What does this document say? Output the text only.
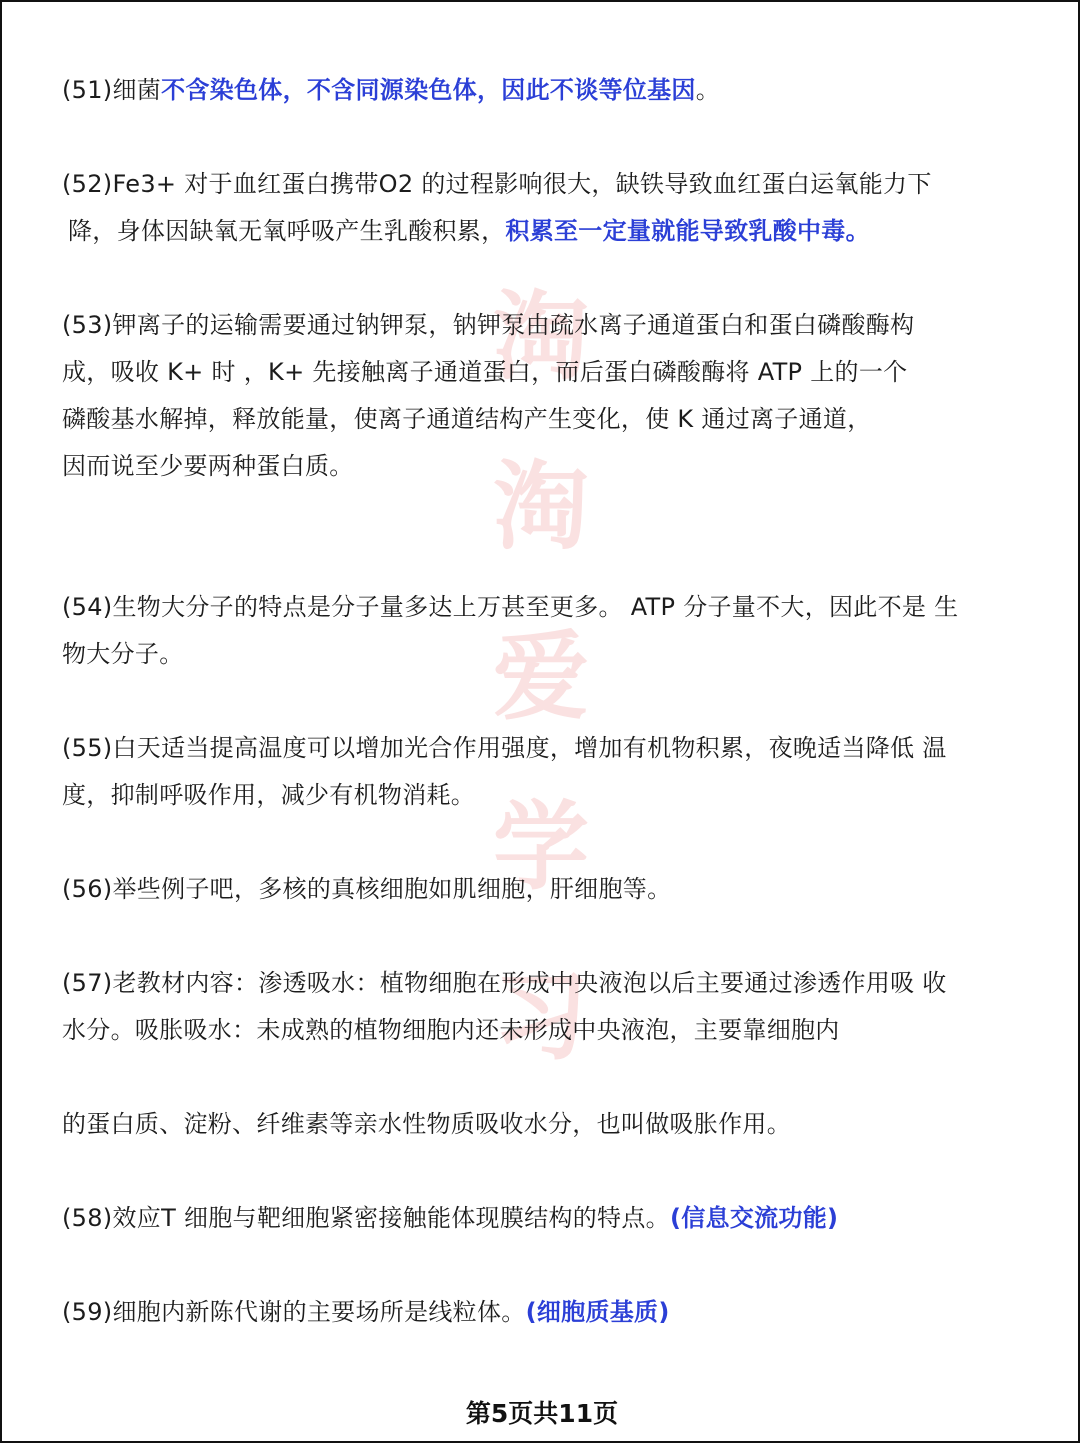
淘
淘
爱
学
习
(51)细菌不含染色体，不含同源染色体，因此不谈等位基因。
(52)Fe3+ 对于血红蛋白携带O2 的过程影响很大，缺铁导致血红蛋白运氧能力下
降，身体因缺氧无氧呼吸产生乳酸积累，积累至一定量就能导致乳酸中毒。
(53)钾离子的运输需要通过钠钾泵，钠钾泵由疏水离子通道蛋白和蛋白磷酸酶构
成，吸收 K+ 时 ，K+ 先接触离子通道蛋白，而后蛋白磷酸酶将 ATP 上的一个
磷酸基水解掉，释放能量，使离子通道结构产生变化，使 K 通过离子通道，
因而说至少要两种蛋白质。
(54)生物大分子的特点是分子量多达上万甚至更多。 ATP 分子量不大，因此不是 生
物大分子。
(55)白天适当提高温度可以增加光合作用强度，增加有机物积累，夜晚适当降低 温
度，抑制呼吸作用，减少有机物消耗。
(56)举些例子吧，多核的真核细胞如肌细胞，肝细胞等。
(57)老教材内容：渗透吸水：植物细胞在形成中央液泡以后主要通过渗透作用吸 收
水分。吸胀吸水：未成熟的植物细胞内还未形成中央液泡，主要靠细胞内
的蛋白质、淀粉、纤维素等亲水性物质吸收水分，也叫做吸胀作用。
(58)效应T 细胞与靶细胞紧密接触能体现膜结构的特点。(信息交流功能)
(59)细胞内新陈代谢的主要场所是线粒体。(细胞质基质)
第5页共11页
